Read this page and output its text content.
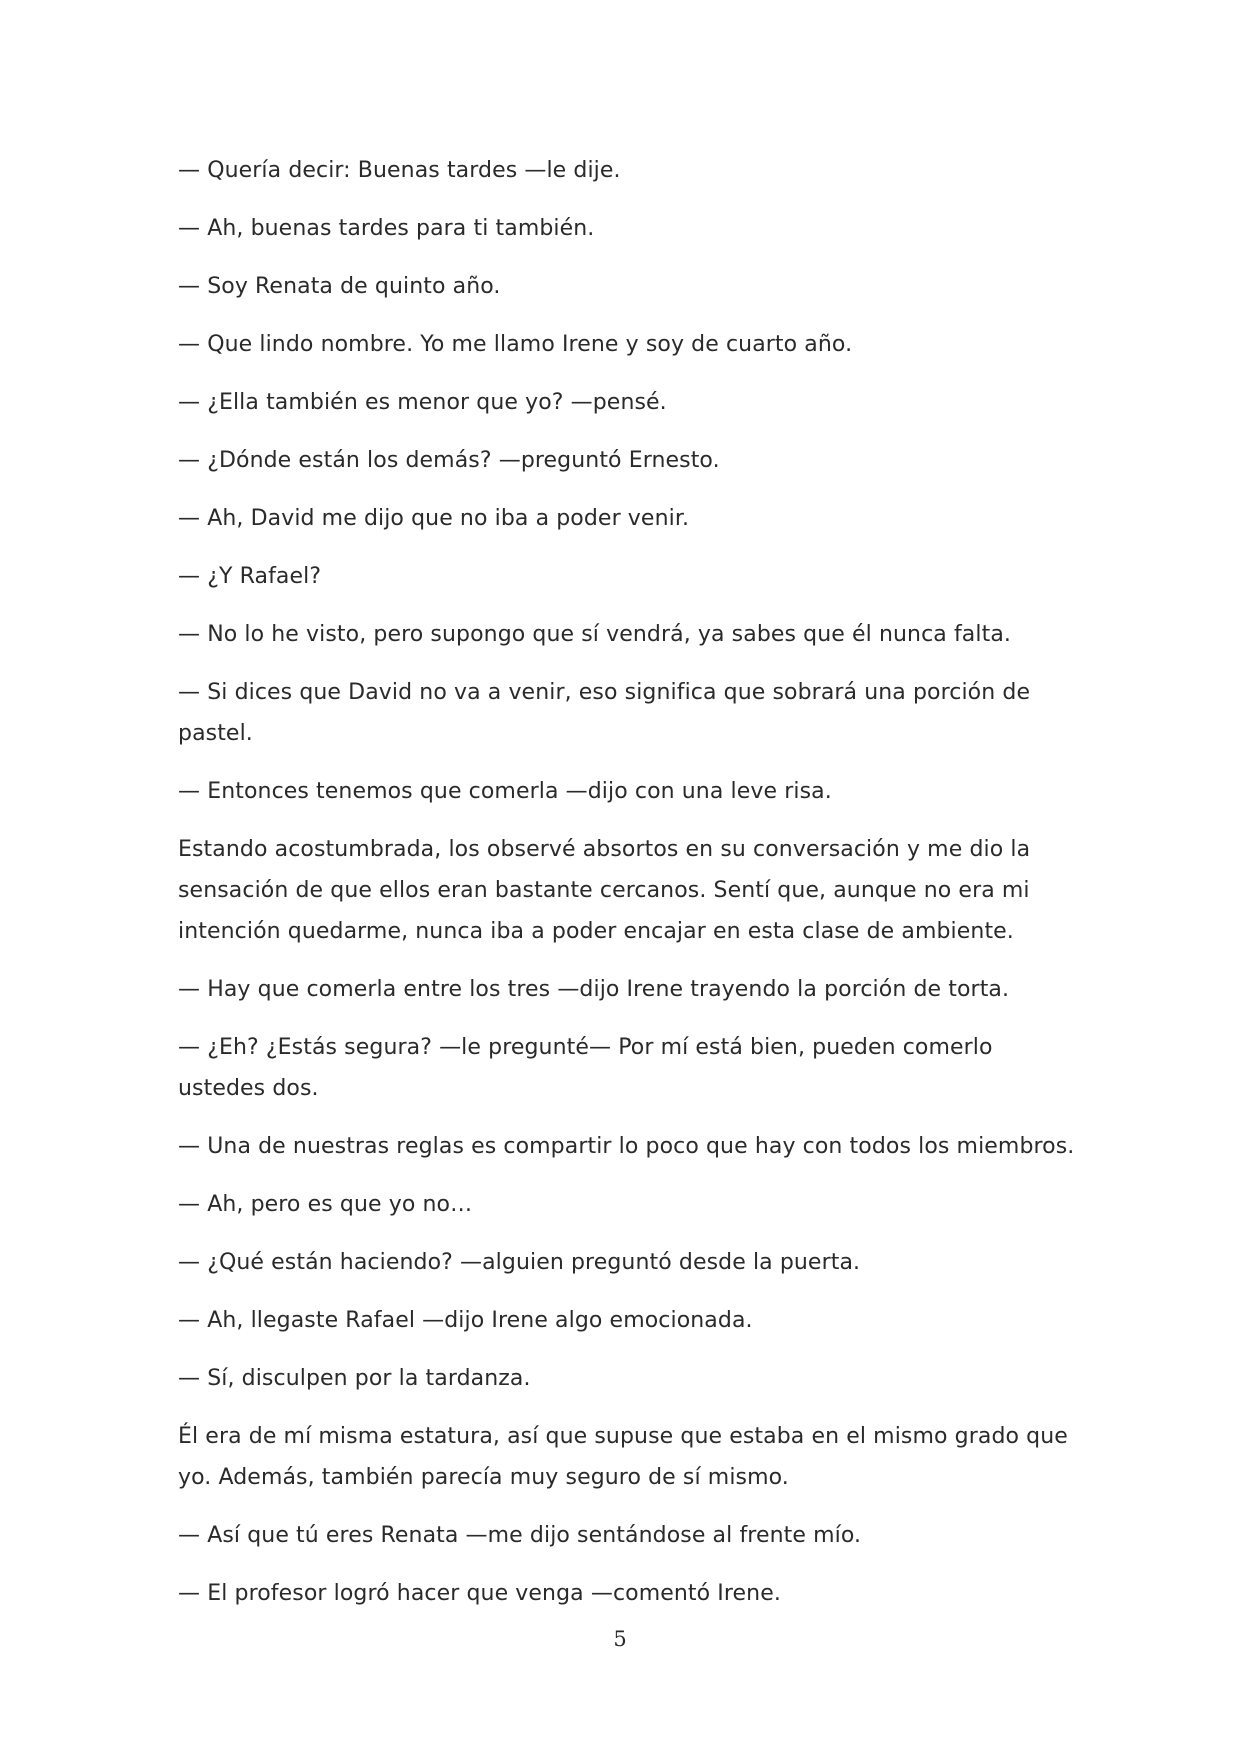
— Quería decir: Buenas tardes —le dije.

— Ah, buenas tardes para ti también.

— Soy Renata de quinto año.

— Que lindo nombre. Yo me llamo Irene y soy de cuarto año.

— ¿Ella también es menor que yo? —pensé.

— ¿Dónde están los demás? —preguntó Ernesto.

— Ah, David me dijo que no iba a poder venir.

— ¿Y Rafael?

— No lo he visto, pero supongo que sí vendrá, ya sabes que él nunca falta.

— Si dices que David no va a venir, eso significa que sobrará una porción de pastel.

— Entonces tenemos que comerla —dijo con una leve risa.

Estando acostumbrada, los observé absortos en su conversación y me dio la sensación de que ellos eran bastante cercanos. Sentí que, aunque no era mi intención quedarme, nunca iba a poder encajar en esta clase de ambiente.

— Hay que comerla entre los tres —dijo Irene trayendo la porción de torta.

— ¿Eh? ¿Estás segura? —le pregunté— Por mí está bien, pueden comerlo ustedes dos.

— Una de nuestras reglas es compartir lo poco que hay con todos los miembros.

— Ah, pero es que yo no…

— ¿Qué están haciendo? —alguien preguntó desde la puerta.

— Ah, llegaste Rafael —dijo Irene algo emocionada.

— Sí, disculpen por la tardanza.

Él era de mí misma estatura, así que supuse que estaba en el mismo grado que yo. Además, también parecía muy seguro de sí mismo.

— Así que tú eres Renata —me dijo sentándose al frente mío.

— El profesor logró hacer que venga —comentó Irene.

5
